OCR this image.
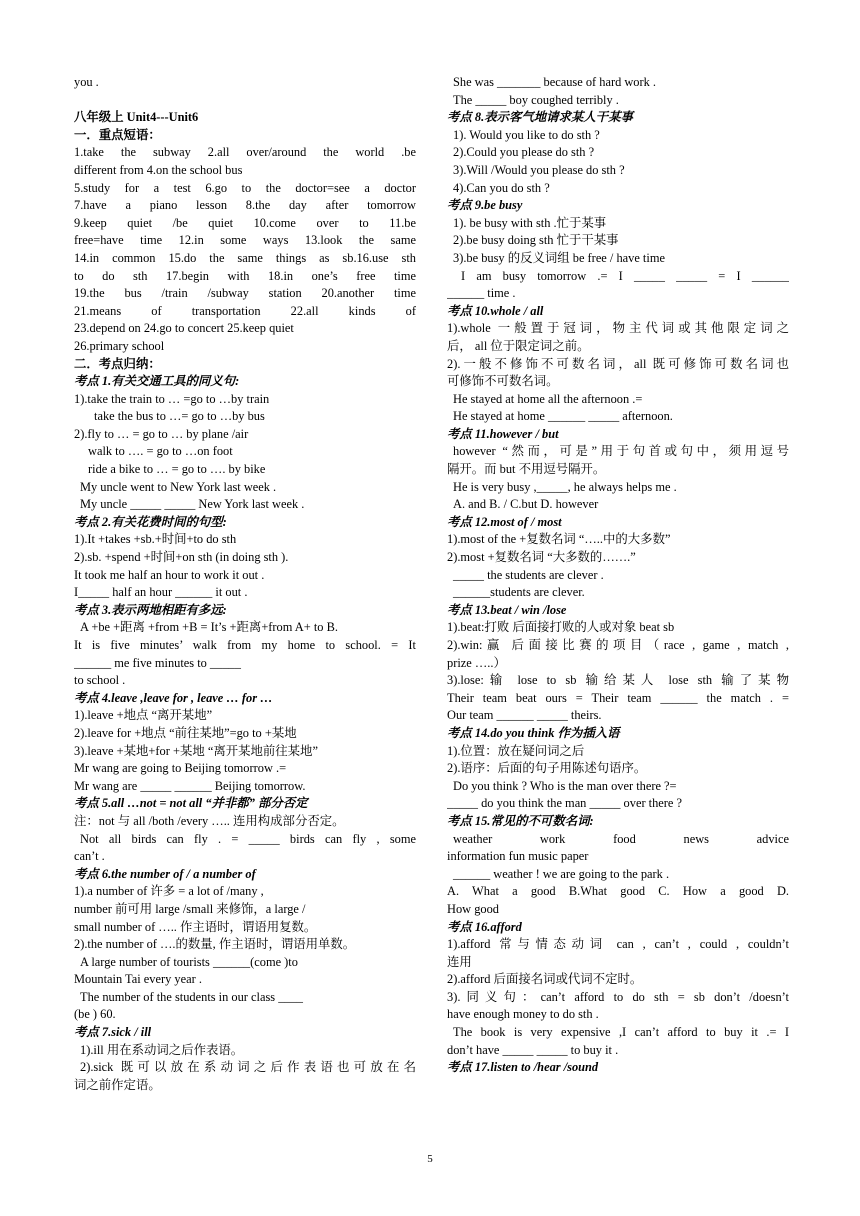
you .
八年级上 Unit4---Unit6
一．重点短语：
1.take the subway 2.all over/around the world .be
different from 4.on the school bus
5.study for a test 6.go to the doctor=see a doctor
7.have a piano lesson 8.the day after tomorrow
9.keep quiet /be quiet 10.come over to 11.be
free=have time 12.in some ways 13.look the same
14.in common 15.do the same things as sb.16.use sth
to do sth 17.begin with 18.in one’s free time
19.the bus /train /subway station 20.another time
21.means of transportation 22.all kinds of
23.depend on 24.go to concert 25.keep quiet
26.primary school
二．考点归纳：
考点 1.有关交通工具的同义句:
1).take the train to … =go to …by train
take the bus to …= go to …by bus
2).fly to … = go to … by plane /air
walk to …. = go to …on foot
ride a bike to … = go to …. by bike
My uncle went to New York last week .
My uncle _____ _____ New York last week .
考点 2.有关花费时间的句型:
1).It +takes +sb.+时间+to do sth
2).sb. +spend +时间+on sth (in doing sth ).
It took me half an hour to work it out .
I_____ half an hour ______ it out .
考点 3.表示两地相距有多远:
A +be +距离 +from +B = It’s +距离+from A+ to B.
It is five minutes’ walk from my home to school. = It
______ me five minutes to _____
to school .
考点 4.leave ,leave for , leave … for …
1).leave +地点 “离开某地”
2).leave for +地点 “前往某地”=go to +某地
3).leave +某地+for +某地 “离开某地前往某地”
Mr wang are going to Beijing tomorrow .=
Mr wang are _____ ______ Beijing tomorrow.
考点 5.all …not = not all “并非都” 部分否定
注：not 与 all /both /every ….. 连用构成部分否定。
Not all birds can fly . = _____ birds can fly , some
can’t .
考点 6.the number of / a number of
1).a number of 许多 = a lot of /many ,
number 前可用 large /small 来修饰，a large /
small number of ….. 作主语时，谓语用复数。
2).the number of ….的数量, 作主语时，谓语用单数。
A large number of tourists ______(come )to
Mountain Tai every year .
The number of the students in our class ____
(be ) 60.
考点 7.sick / ill
1).ill 用在系动词之后作表语。
2).sick 既可以放在系动词之后作表语也可放在名
词之前作定语。
She was _______ because of hard work .
The _____ boy coughed terribly .
考点 8.表示客气地请求某人干某事
1). Would you like to do sth ?
2).Could you please do sth ?
3).Will /Would you please do sth ?
4).Can you do sth ?
考点 9.be busy
1). be busy with sth .忙于某事
2).be busy doing sth 忙于干某事
3).be busy 的反义词组 be free / have time
I am busy tomorrow .= I _____ _____ = I ______
______ time .
考点 10.whole / all
1).whole 一般置于冠词，物主代词或其他限定词之
后， all 位于限定词之前。
2).一般不修饰不可数名词，all 既可修饰可数名词也
可修饰不可数名词。
He stayed at home all the afternoon .=
He stayed at home ______ _____ afternoon.
考点 11.however / but
however “然而，可是”用于句首或句中，须用逗号
隔开。而 but 不用逗号隔开。
He is very busy ,_____, he always helps me .
A. and B. / C.but D. however
考点 12.most of / most
1).most of the +复数名词 “…..中的大多数”
2).most +复数名词 “大多数的…….”
_____ the students are clever .
______students are clever.
考点 13.beat / win /lose
1).beat:打败 后面接打败的人或对象 beat sb
2).win:赢 后面接比赛的项目（race , game , match ,
prize …..）
3).lose:输 lose to sb 输给某人 lose sth 输了某物
Their team beat ours = Their team ______ the match . =
Our team ______ _____ theirs.
考点 14.do you think 作为插入语
1).位置：放在疑问词之后
2).语序：后面的句子用陈述句语序。
Do you think ? Who is the man over there ?=
_____ do you think the man _____ over there ?
考点 15.常见的不可数名词:
weather work food news advice
information fun music paper
______ weather ! we are going to the park .
A. What a good B.What good C. How a good D.
How good
考点 16.afford
1).afford 常与情态动词 can , can’t , could , couldn’t
连用
2).afford 后面接名词或代词不定时。
3).同义句：can’t afford to do sth = sb don’t /doesn’t
have enough money to do sth .
The book is very expensive ,I can’t afford to buy it .= I
don’t have _____ _____ to buy it .
考点 17.listen to /hear /sound
5
